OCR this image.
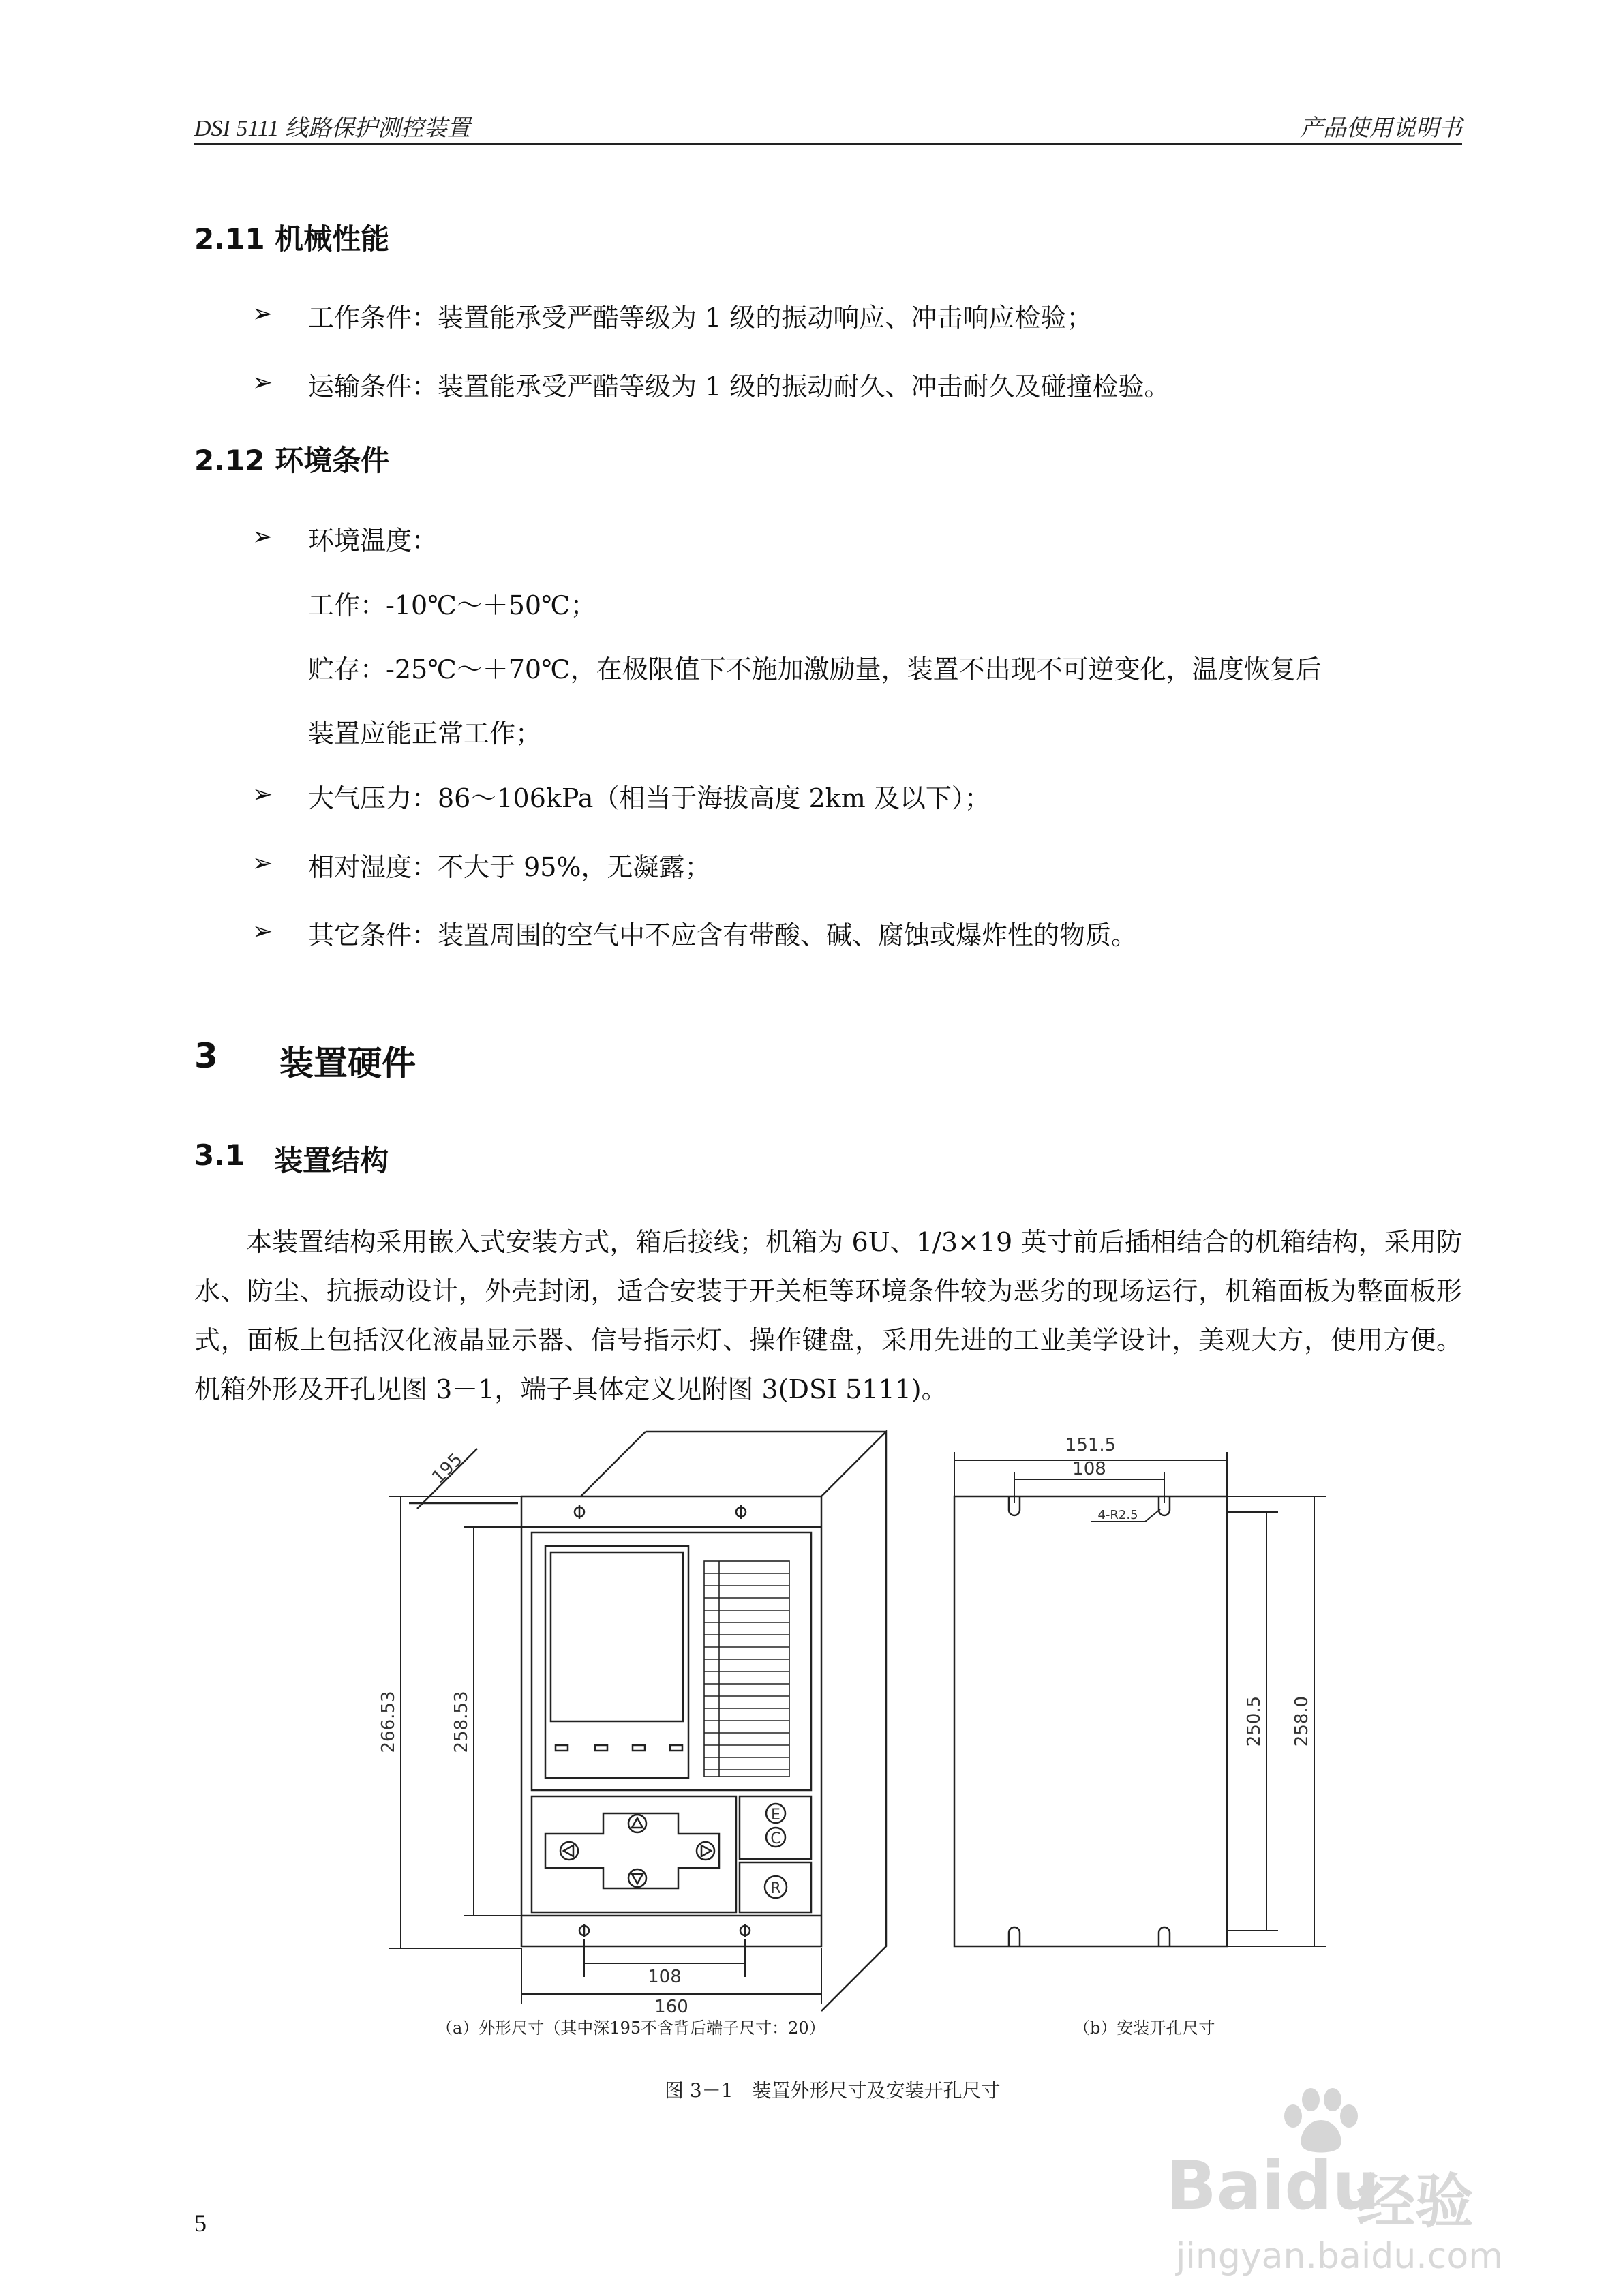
DSI 5111 线路保护测控装置	产品使用说明书
2.11 机械性能
➢ 工作条件：装置能承受严酷等级为 1 级的振动响应、冲击响应检验；
➢ 运输条件：装置能承受严酷等级为 1 级的振动耐久、冲击耐久及碰撞检验。
2.12 环境条件
➢ 环境温度：
工作：-10℃～＋50℃；
贮存：-25℃～＋70℃，在极限值下不施加激励量，装置不出现不可逆变化，温度恢复后
装置应能正常工作；
➢ 大气压力：86～106kPa（相当于海拔高度 2km 及以下）；
➢ 相对湿度：不大于 95%，无凝露；
➢ 其它条件：装置周围的空气中不应含有带酸、碱、腐蚀或爆炸性的物质。
3 装置硬件
3.1 装置结构
本装置结构采用嵌入式安装方式，箱后接线；机箱为 6U、1/3×19 英寸前后插相结合的机箱结构，采用防水、防尘、抗振动设计，外壳封闭，适合安装于开关柜等环境条件较为恶劣的现场运行，机箱面板为整面板形式，面板上包括汉化液晶显示器、信号指示灯、操作键盘，采用先进的工业美学设计，美观大方，使用方便。机箱外形及开孔见图 3－1，端子具体定义见附图 3(DSI 5111)。
195
266.53	258.53
108
160
E
C
R
151.5
108
4-R2.5
250.5 258.0
（a）外形尺寸（其中深195不含背后端子尺寸：20）	（b）安装开孔尺寸
图 3－1　装置外形尺寸及安装开孔尺寸
5	Baidu
经验
jingyan.baidu.com
